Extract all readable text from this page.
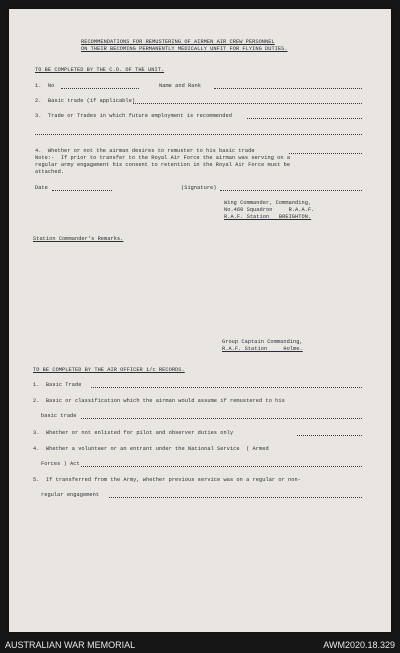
RECOMMENDATIONS FOR REMUSTERING OF AIRMEN AIR CREW PERSONNEL
ON THEIR BECOMING PERMANENTLY MEDICALLY UNFIT FOR FLYING DUTIES.
TO BE COMPLETED BY THE C.O. OF THE UNIT.
1.  No	Name and Rank
2.  Basic trade (if applicable)
3.  Trade or Trades in which future employment is recommended
4.  Whether or not the airman desires to remuster to his basic trade
Note:-  If prior to transfer to the Royal Air Force the airman was serving on a
regular army engagement his consent to retention in the Royal Air Force must be
attached.
Date	(Signature)
Wing Commander, Commanding,
No.460 Squadron     R.A.A.F.
R.A.F. Station   BREIGHTON.
Station Commander's Remarks.
Group Captain Commanding,
R.A.F. Station     Holme.
TO BE COMPLETED BY THE AIR OFFICER i/c RECORDS.
1.  Basic Trade
2.  Basic or classification which the airman would assume if remustered to his
basic trade
3.  Whether or not enlisted for pilot and observer duties only
4.  Whether a volunteer or an entrant under the National Service  ( Armed
Forces ) Act
5.  If transferred from the Army, whether previous service was on a regular or non-
regular engagement
AUSTRALIAN WAR MEMORIAL	AWM2020.18.329
